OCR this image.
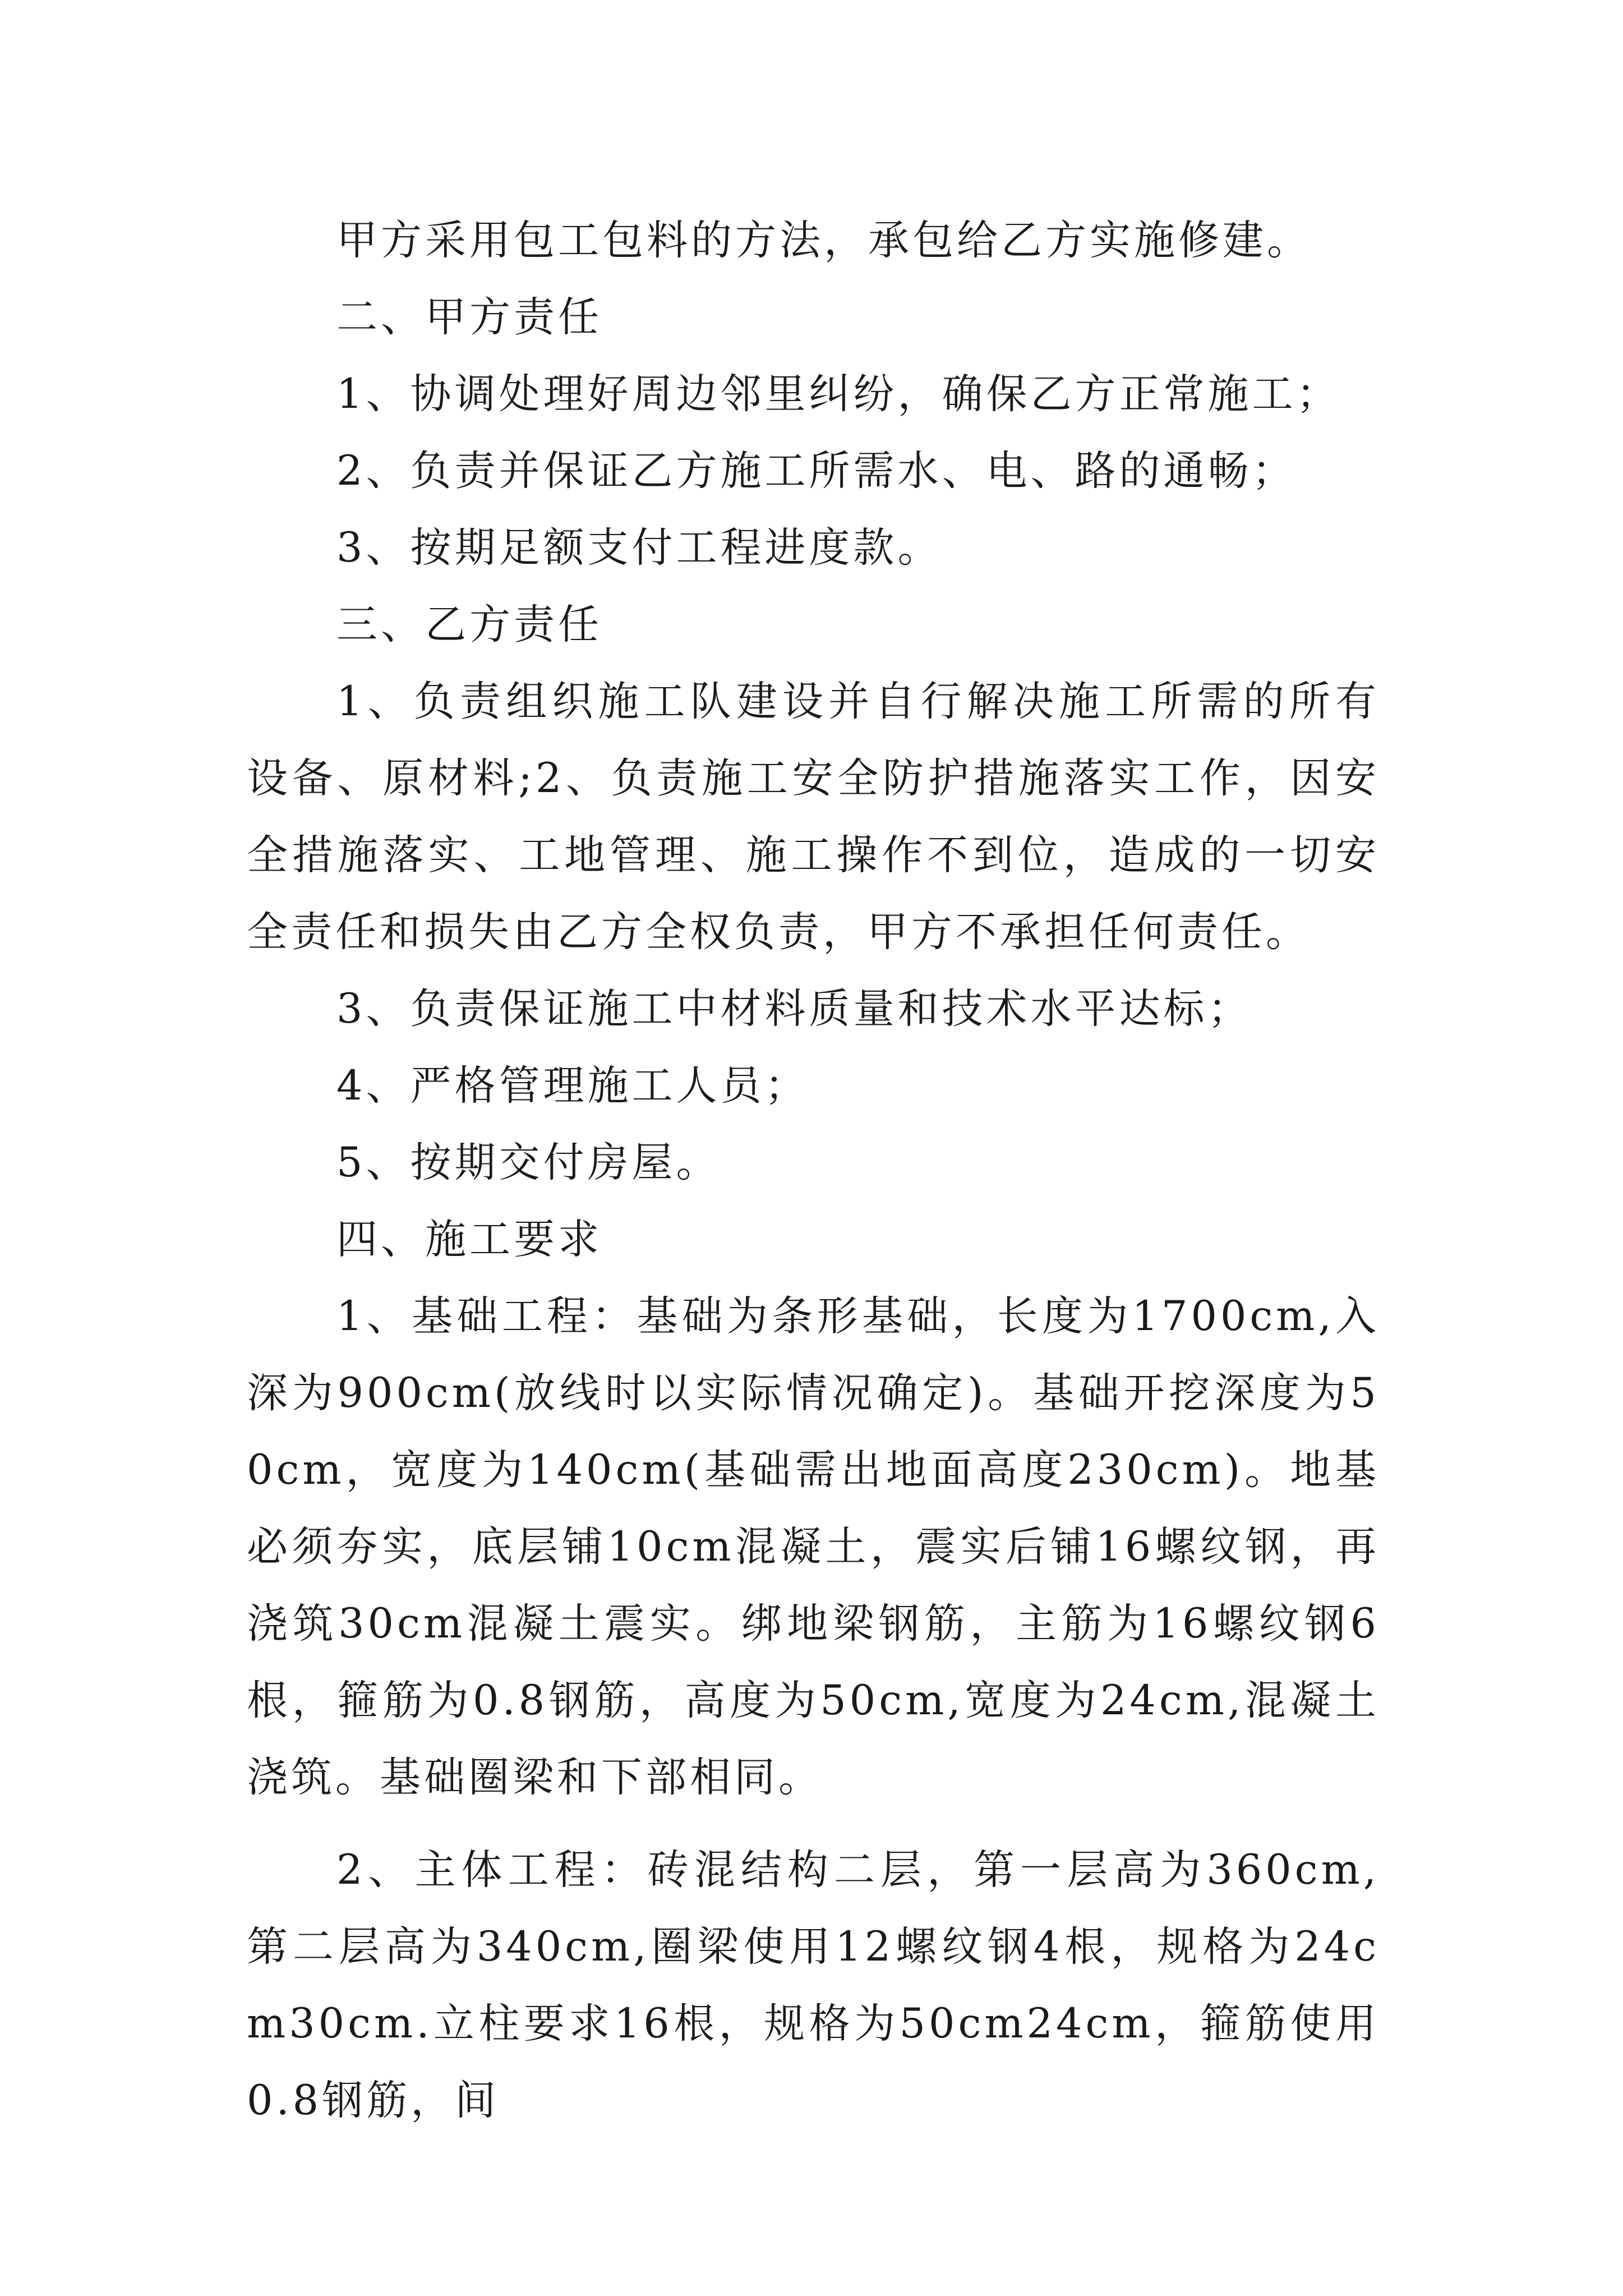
甲方采用包工包料的方法，承包给乙方实施修建。

二、甲方责任

1、协调处理好周边邻里纠纷，确保乙方正常施工；

2、负责并保证乙方施工所需水、电、路的通畅；

3、按期足额支付工程进度款。

三、乙方责任

1、负责组织施工队建设并自行解决施工所需的所有设备、原材料;2、负责施工安全防护措施落实工作，因安全措施落实、工地管理、施工操作不到位，造成的一切安全责任和损失由乙方全权负责，甲方不承担任何责任。

3、负责保证施工中材料质量和技术水平达标；

4、严格管理施工人员；

5、按期交付房屋。

四、施工要求

1、基础工程：基础为条形基础，长度为1700cm,入深为900cm(放线时以实际情况确定)。基础开挖深度为50cm，宽度为140cm(基础需出地面高度230cm)。地基必须夯实，底层铺10cm混凝土，震实后铺16螺纹钢，再浇筑30cm混凝土震实。绑地梁钢筋，主筋为16螺纹钢6根，箍筋为0.8钢筋，高度为50cm,宽度为24cm,混凝土浇筑。基础圈梁和下部相同。

2、主体工程：砖混结构二层，第一层高为360cm,第二层高为340cm,圈梁使用12螺纹钢4根，规格为24cm30cm.立柱要求16根，规格为50cm24cm，箍筋使用0.8钢筋，间
